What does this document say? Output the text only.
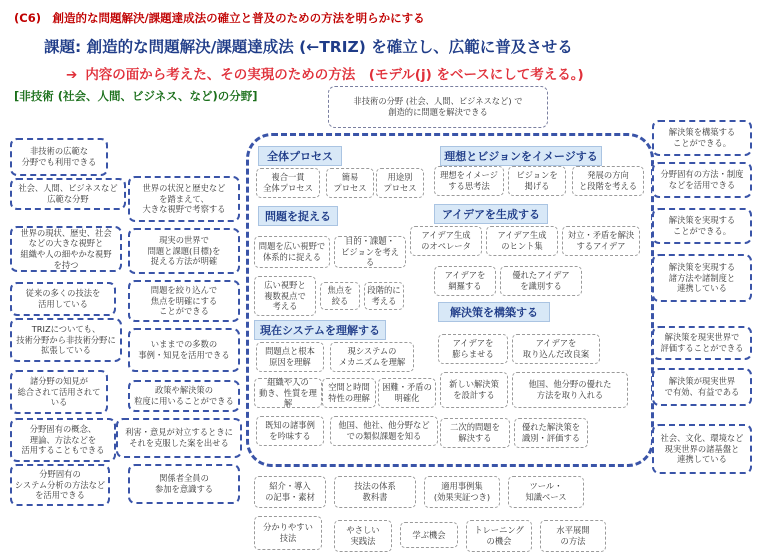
(C6)　創造的な問題解決/課題達成法の確立と普及のための方法を明らかにする
課題: 創造的な問題解決/課題達成法 (←TRIZ) を確立し、広範に普及させる
➔ 内容の面から考えた、その実現のための方法　(モデル(j) をベースにして考える。)
[非技術 (社会、人間、ビジネス、など)の分野]	非技術の分野 (社会、人間、ビジネスなど) で
創造的に問題を解決できる
非技術の広範な
分野でも利用できる
社会、人間、ビジネスなど
広範な分野
世界の現状、歴史、社会
などの大きな視野と
組織や人の細やかな視野
を持つ
従来の多くの技法を
活用している
TRIZについても、
技術分野から非技術分野に
拡張している
諸分野の知見が
総合されて活用されている
分野固有の概念、
理論、方法などを
活用することもできる
分野固有の
システム分析の方法など
を活用できる
世界の状況と歴史など
を踏まえて、
大きな視野で考察する
現実の世界で
問題と課題(目標)を
捉える方法が明確
問題を絞り込んで
焦点を明確にする
ことができる
いままでの多数の
事例・知見を活用できる
政策や解決策の
粒度に用いることができる
利害・意見が対立するときに
それを克服した案を出せる
関係者全員の
参加を意識する
全体プロセス
複合一貫
全体プロセス
簡易
プロセス
用途別
プロセス
問題を捉える
問題を広い視野で
体系的に捉える
目的・課題・
ビジョンを考える
広い視野と
複数視点で
考える
焦点を
絞る
段階的に
考える
現在システムを理解する
問題点と根本
原因を理解
現システムの
メカニズムを理解
組織や人の
動き、性質を理解
空間と時間
特性の理解
困難・矛盾の
明確化
既知の諸事例
を吟味する
他国、他社、他分野など
での類似課題を知る
理想とビジョンをイメージする
理想をイメージ
する思考法
ビジョンを
掲げる
発展の方向
と段階を考える
アイデアを生成する
アイデア生成
のオペレータ
アイデア生成
のヒント集
対立・矛盾を解決
するアイデア
アイデアを
網羅する
優れたアイデア
を識別する
解決策を構築する
アイデアを
膨らませる
アイデアを
取り込んだ改良案
新しい解決策
を設計する
他国、他分野の優れた
方法を取り入れる
二次的問題を
解決する
優れた解決策を
識別・評価する
解決策を構築する
ことができる。
分野固有の方法・制度
などを活用できる
解決策を実現する
ことができる。
解決策を実現する
諸方法や諸制度と
連携している
解決策を現実世界で
評価することができる
解決策が現実世界
で有効、有益である
社会、文化、環境など
現実世界の諸基盤と
連携している
紹介・導入
の記事・素材
技法の体系
教科書
適用事例集
(効果実証つき)
ツール・
知識ベース
分かりやすい
技法
やさしい
実践法
学ぶ機会	トレーニング
の機会
水平展開
の方法
